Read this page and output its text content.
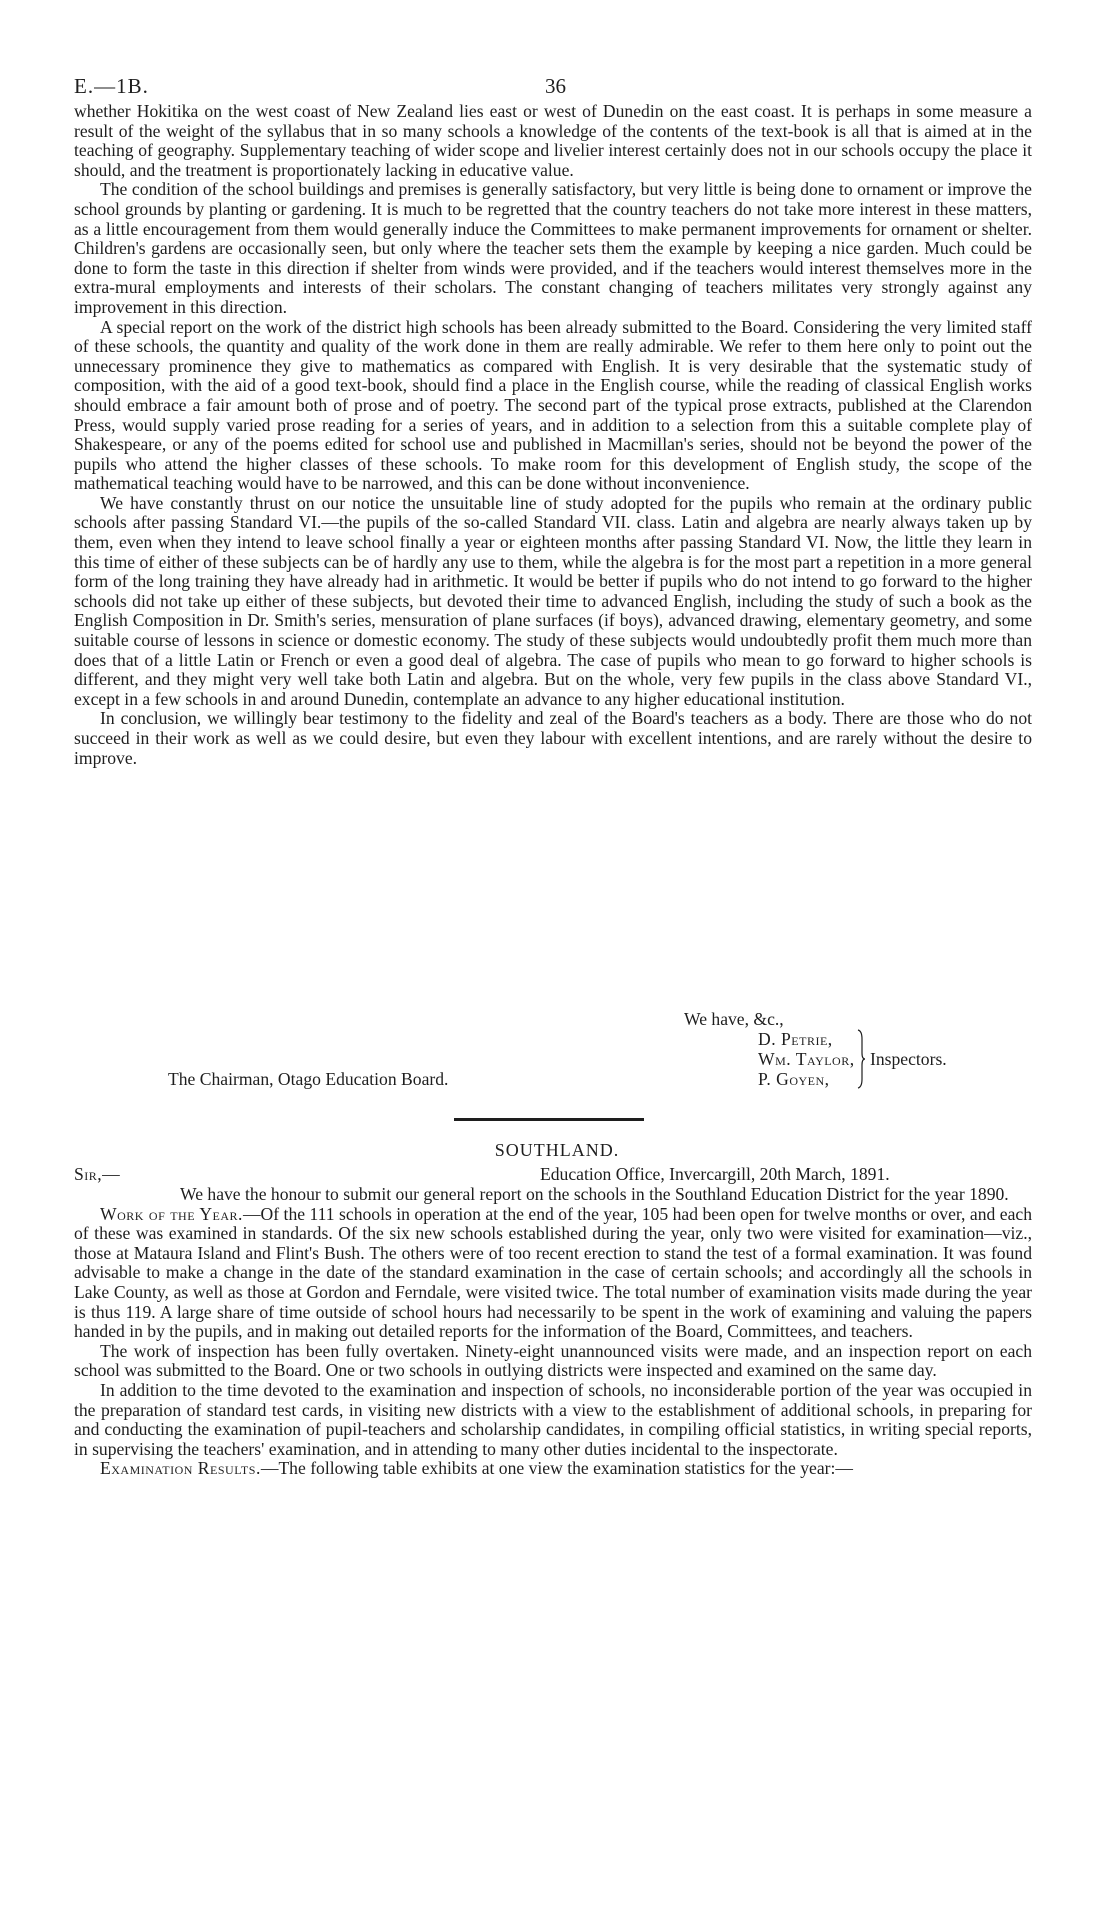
E.—1B.	36

whether Hokitika on the west coast of New Zealand lies east or west of Dunedin on the east coast. It is perhaps in some measure a result of the weight of the syllabus that in so many schools a knowledge of the contents of the text-book is all that is aimed at in the teaching of geography. Supplementary teaching of wider scope and livelier interest certainly does not in our schools occupy the place it should, and the treatment is proportionately lacking in educative value.

The condition of the school buildings and premises is generally satisfactory, but very little is being done to ornament or improve the school grounds by planting or gardening. It is much to be regretted that the country teachers do not take more interest in these matters, as a little encouragement from them would generally induce the Committees to make permanent improvements for ornament or shelter. Children's gardens are occasionally seen, but only where the teacher sets them the example by keeping a nice garden. Much could be done to form the taste in this direction if shelter from winds were provided, and if the teachers would interest themselves more in the extra-mural employments and interests of their scholars. The constant changing of teachers militates very strongly against any improvement in this direction.

A special report on the work of the district high schools has been already submitted to the Board. Considering the very limited staff of these schools, the quantity and quality of the work done in them are really admirable. We refer to them here only to point out the unnecessary prominence they give to mathematics as compared with English. It is very desirable that the systematic study of composition, with the aid of a good text-book, should find a place in the English course, while the reading of classical English works should embrace a fair amount both of prose and of poetry. The second part of the typical prose extracts, published at the Clarendon Press, would supply varied prose reading for a series of years, and in addition to a selection from this a suitable complete play of Shakespeare, or any of the poems edited for school use and published in Macmillan's series, should not be beyond the power of the pupils who attend the higher classes of these schools. To make room for this development of English study, the scope of the mathematical teaching would have to be narrowed, and this can be done without inconvenience.

We have constantly thrust on our notice the unsuitable line of study adopted for the pupils who remain at the ordinary public schools after passing Standard VI.—the pupils of the so-called Standard VII. class. Latin and algebra are nearly always taken up by them, even when they intend to leave school finally a year or eighteen months after passing Standard VI. Now, the little they learn in this time of either of these subjects can be of hardly any use to them, while the algebra is for the most part a repetition in a more general form of the long training they have already had in arithmetic. It would be better if pupils who do not intend to go forward to the higher schools did not take up either of these subjects, but devoted their time to advanced English, including the study of such a book as the English Composition in Dr. Smith's series, mensuration of plane surfaces (if boys), advanced drawing, elementary geometry, and some suitable course of lessons in science or domestic economy. The study of these subjects would undoubtedly profit them much more than does that of a little Latin or French or even a good deal of algebra. The case of pupils who mean to go forward to higher schools is different, and they might very well take both Latin and algebra. But on the whole, very few pupils in the class above Standard VI., except in a few schools in and around Dunedin, contemplate an advance to any higher educational institution.

In conclusion, we willingly bear testimony to the fidelity and zeal of the Board's teachers as a body. There are those who do not succeed in their work as well as we could desire, but even they labour with excellent intentions, and are rarely without the desire to improve.

We have, &c.,
D. Petrie,
Wm. Taylor,
P. Goyen,
Inspectors.
The Chairman, Otago Education Board.
SOUTHLAND.
Sir,—	Education Office, Invercargill, 20th March, 1891.

We have the honour to submit our general report on the schools in the Southland Education District for the year 1890.

Work of the Year.—Of the 111 schools in operation at the end of the year, 105 had been open for twelve months or over, and each of these was examined in standards. Of the six new schools established during the year, only two were visited for examination—viz., those at Mataura Island and Flint's Bush. The others were of too recent erection to stand the test of a formal examination. It was found advisable to make a change in the date of the standard examination in the case of certain schools; and accordingly all the schools in Lake County, as well as those at Gordon and Ferndale, were visited twice. The total number of examination visits made during the year is thus 119. A large share of time outside of school hours had necessarily to be spent in the work of examining and valuing the papers handed in by the pupils, and in making out detailed reports for the information of the Board, Committees, and teachers.

The work of inspection has been fully overtaken. Ninety-eight unannounced visits were made, and an inspection report on each school was submitted to the Board. One or two schools in outlying districts were inspected and examined on the same day.

In addition to the time devoted to the examination and inspection of schools, no inconsiderable portion of the year was occupied in the preparation of standard test cards, in visiting new districts with a view to the establishment of additional schools, in preparing for and conducting the examination of pupil-teachers and scholarship candidates, in compiling official statistics, in writing special reports, in supervising the teachers' examination, and in attending to many other duties incidental to the inspectorate.

Examination Results.—The following table exhibits at one view the examination statistics for the year:—
